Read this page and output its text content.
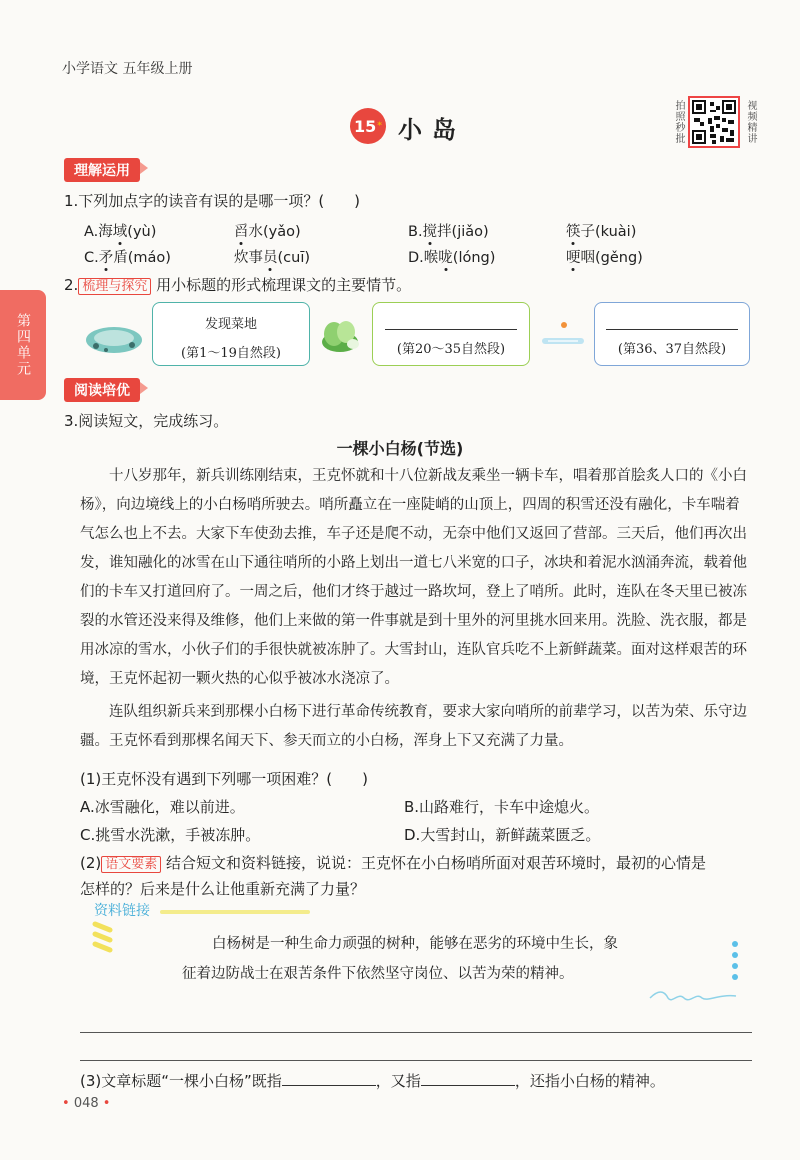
小学语文 五年级上册
15 * 小岛	拍照秒批	视频精讲
第四单元
理解运用
1.下列加点字的读音有误的是哪一项？(　　)
A.海域(yù)	舀水(yǎo)	B.搅拌(jiǎo)	筷子(kuài)
C.矛盾(máo)	炊事员(cuī)	D.喉咙(lóng)	哽咽(gěng)
2. 梳理与探究 用小标题的形式梳理课文的主要情节。
发现菜地
(第1～19自然段)	(第20～35自然段)	(第36、37自然段)
阅读培优
3.阅读短文，完成练习。
一棵小白杨(节选)

十八岁那年，新兵训练刚结束，王克怀就和十八位新战友乘坐一辆卡车，唱着那首脍炙人口的《小白杨》，向边境线上的小白杨哨所驶去。哨所矗立在一座陡峭的山顶上，四周的积雪还没有融化，卡车喘着气怎么也上不去。大家下车使劲去推，车子还是爬不动，无奈中他们又返回了营部。三天后，他们再次出发，谁知融化的冰雪在山下通往哨所的小路上划出一道七八米宽的口子，冰块和着泥水汹涌奔流，载着他们的卡车又打道回府了。一周之后，他们才终于越过一路坎坷，登上了哨所。此时，连队在冬天里已被冻裂的水管还没来得及维修，他们上来做的第一件事就是到十里外的河里挑水回来用。洗脸、洗衣服，都是用冰凉的雪水，小伙子们的手很快就被冻肿了。大雪封山，连队官兵吃不上新鲜蔬菜。面对这样艰苦的环境，王克怀起初一颗火热的心似乎被冰水浇凉了。

连队组织新兵来到那棵小白杨下进行革命传统教育，要求大家向哨所的前辈学习，以苦为荣、乐守边疆。王克怀看到那棵名闻天下、参天而立的小白杨，浑身上下又充满了力量。

(1)王克怀没有遇到下列哪一项困难？(　　)
A.冰雪融化，难以前进。	B.山路难行，卡车中途熄火。
C.挑雪水洗漱，手被冻肿。	D.大雪封山，新鲜蔬菜匮乏。
(2) 语文要素 结合短文和资料链接，说说：王克怀在小白杨哨所面对艰苦环境时，最初的心情是
怎样的？后来是什么让他重新充满了力量？
资料链接
白杨树是一种生命力顽强的树种，能够在恶劣的环境中生长，象
征着边防战士在艰苦条件下依然坚守岗位、以苦为荣的精神。
(3)文章标题“一棵小白杨”既指	，又指	，还指小白杨的精神。
• 048 •
